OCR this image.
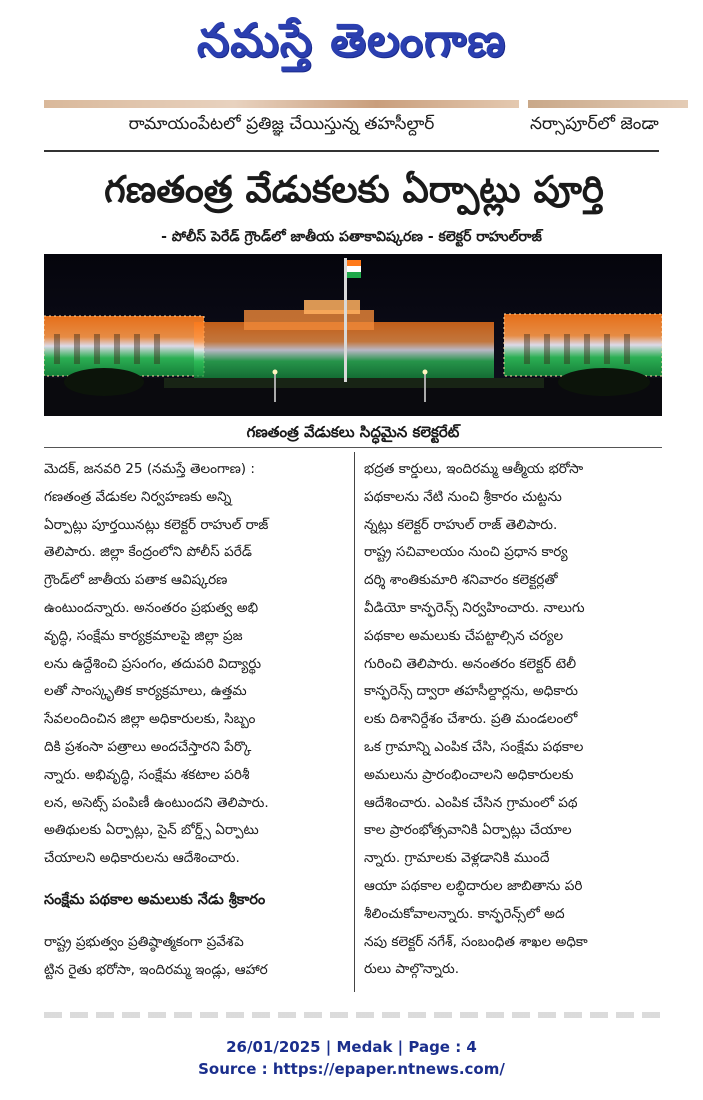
నమస్తే తెలంగాణ
రామాయంపేటలో ప్రతిజ్ఞ చేయిస్తున్న తహసీల్దార్	నర్సాపూర్‌లో జెండా
గణతంత్ర వేడుకలకు ఏర్పాట్లు పూర్తి
- పోలీస్ పెరేడ్ గ్రౌండ్‌లో జాతీయ పతాకావిష్కరణ - కలెక్టర్ రాహుల్‌రాజ్
గణతంత్ర వేడుకలు సిద్ధమైన కలెక్టరేట్
మెదక్, జనవరి 25 (నమస్తే తెలంగాణ) :
గణతంత్ర వేడుకల నిర్వహణకు అన్ని
ఏర్పాట్లు పూర్తయినట్లు కలెక్టర్ రాహుల్ రాజ్
తెలిపారు. జిల్లా కేంద్రంలోని పోలీస్ పరేడ్
గ్రౌండ్‌లో జాతీయ పతాక ఆవిష్కరణ
ఉంటుందన్నారు. అనంతరం ప్రభుత్వ అభి
వృద్ధి, సంక్షేమ కార్యక్రమాలపై జిల్లా ప్రజ
లను ఉద్దేశించి ప్రసంగం, తదుపరి విద్యార్థు
లతో సాంస్కృతిక కార్యక్రమాలు, ఉత్తమ
సేవలందించిన జిల్లా అధికారులకు, సిబ్బం
దికి ప్రశంసా పత్రాలు అందచేస్తారని పేర్కొ
న్నారు. అభివృద్ధి, సంక్షేమ శకటాల పరిశీ
లన, అసెట్స్ పంపిణీ ఉంటుందని తెలిపారు.
అతిథులకు ఏర్పాట్లు, సైన్ బోర్డ్స్ ఏర్పాటు
చేయాలని అధికారులను ఆదేశించారు.
సంక్షేమ పథకాల అమలుకు నేడు శ్రీకారం
రాష్ట్ర ప్రభుత్వం ప్రతిష్ఠాత్మకంగా ప్రవేశపె
ట్టిన రైతు భరోసా, ఇందిరమ్మ ఇండ్లు, ఆహార
భద్రత కార్డులు, ఇందిరమ్మ ఆత్మీయ భరోసా
పథకాలను నేటి నుంచి శ్రీకారం చుట్టను
న్నట్లు కలెక్టర్ రాహుల్ రాజ్ తెలిపారు.
రాష్ట్ర సచివాలయం నుంచి ప్రధాన కార్య
దర్శి శాంతికుమారి శనివారం కలెక్టర్లతో
వీడియో కాన్ఫరెన్స్ నిర్వహించారు. నాలుగు
పథకాల అమలుకు చేపట్టాల్సిన చర్యల
గురించి తెలిపారు. అనంతరం కలెక్టర్ టెలీ
కాన్ఫరెన్స్ ద్వారా తహసీల్దార్లను, అధికారు
లకు దిశానిర్దేశం చేశారు. ప్రతి మండలంలో
ఒక గ్రామాన్ని ఎంపిక చేసి, సంక్షేమ పథకాల
అమలును ప్రారంభించాలని అధికారులకు
ఆదేశించారు. ఎంపిక చేసిన గ్రామంలో పథ
కాల ప్రారంభోత్సవానికి ఏర్పాట్లు చేయాల
న్నారు. గ్రామాలకు వెళ్లడానికి ముందే
ఆయా పథకాల లబ్ధిదారుల జాబితాను పరి
శీలించుకోవాలన్నారు. కాన్ఫరెన్స్‌లో అద
నపు కలెక్టర్ నగేశ్, సంబంధిత శాఖల అధికా
రులు పాల్గొన్నారు.
26/01/2025 | Medak | Page : 4
Source : https://epaper.ntnews.com/
